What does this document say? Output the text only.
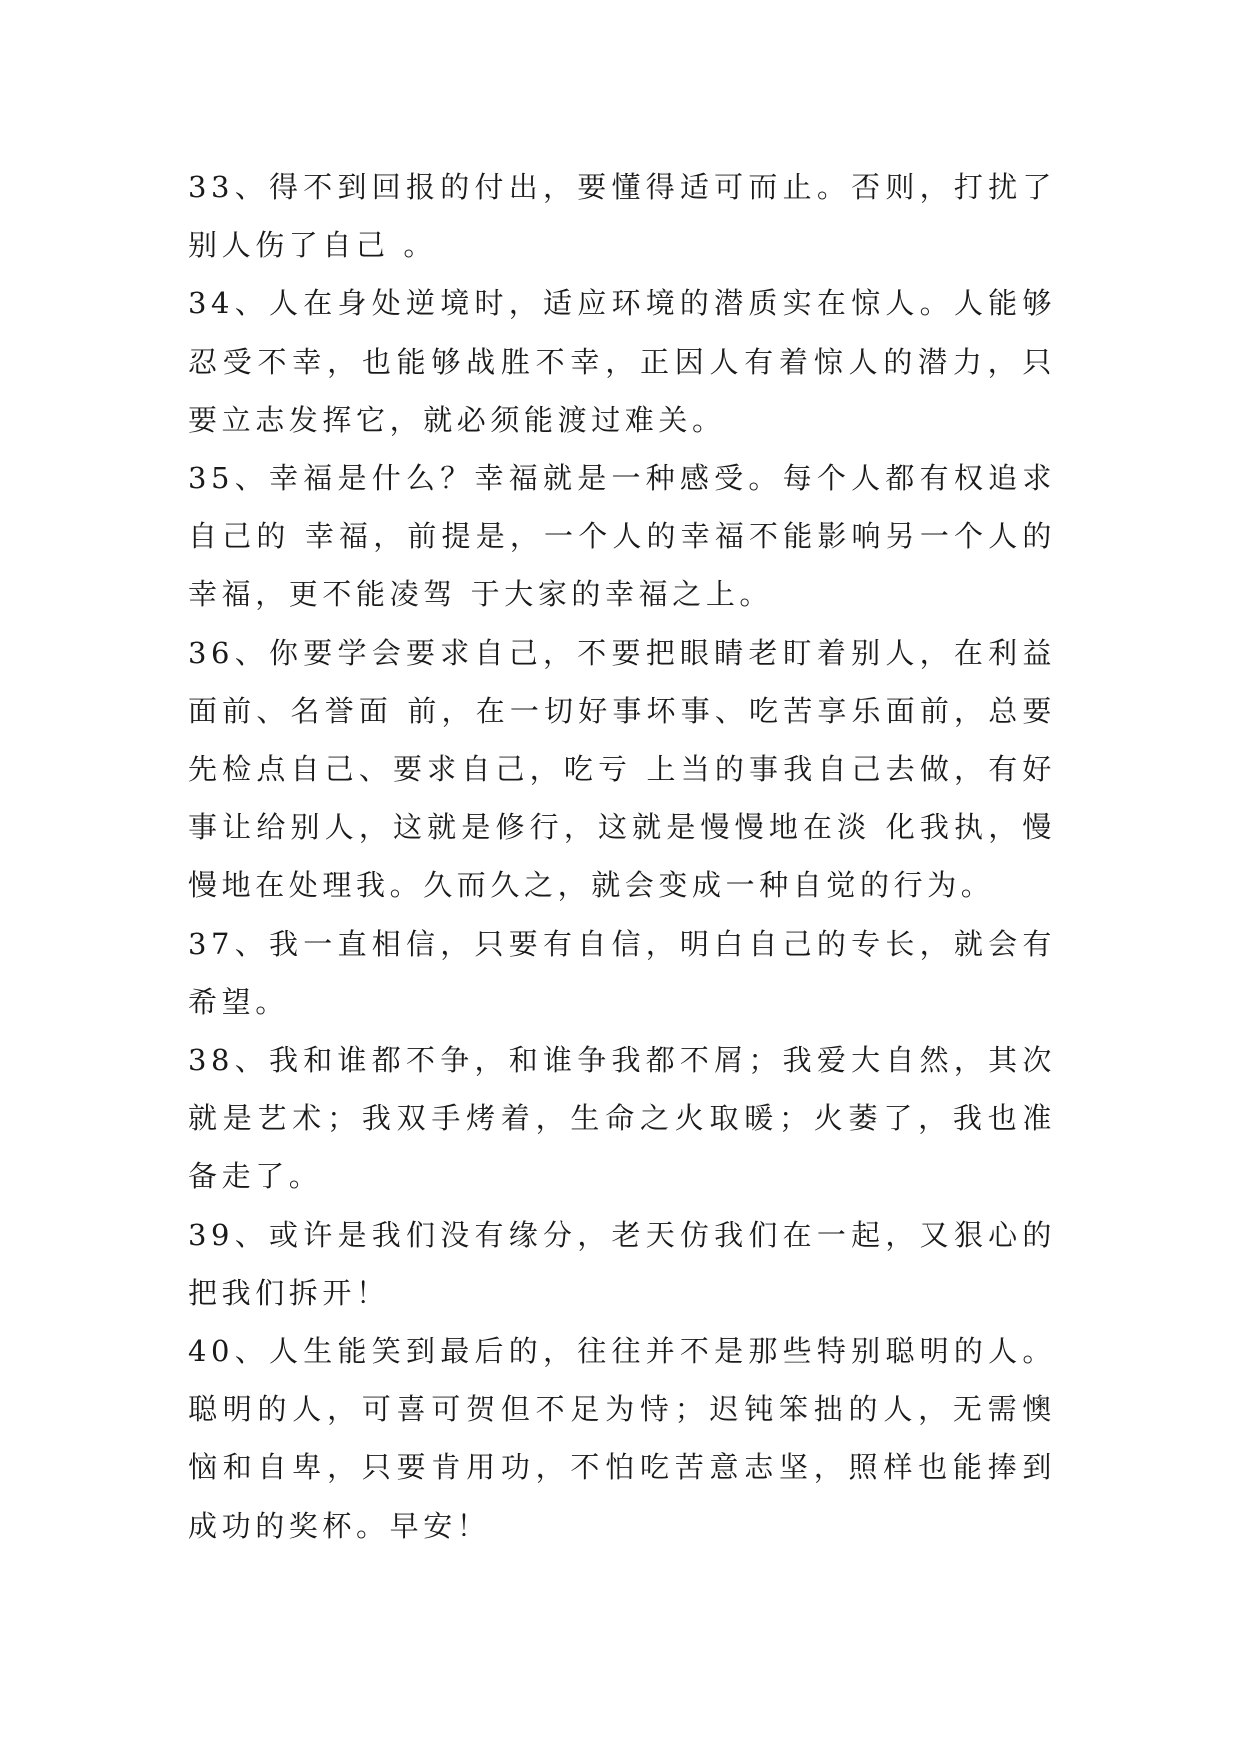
33、得不到回报的付出，要懂得适可而止。否则，打扰了别人伤了自己 。

34、人在身处逆境时，适应环境的潜质实在惊人。人能够忍受不幸，也能够战胜不幸，正因人有着惊人的潜力，只要立志发挥它，就必须能渡过难关。

35、幸福是什么？幸福就是一种感受。每个人都有权追求自己的 幸福，前提是，一个人的幸福不能影响另一个人的幸福，更不能凌驾 于大家的幸福之上。

36、你要学会要求自己，不要把眼睛老盯着别人，在利益面前、名誉面 前，在一切好事坏事、吃苦享乐面前，总要先检点自己、要求自己，吃亏 上当的事我自己去做，有好事让给别人，这就是修行，这就是慢慢地在淡 化我执，慢慢地在处理我。久而久之，就会变成一种自觉的行为。

37、我一直相信，只要有自信，明白自己的专长，就会有希望。

38、我和谁都不争，和谁争我都不屑；我爱大自然，其次就是艺术；我双手烤着，生命之火取暖；火萎了，我也准备走了。

39、或许是我们没有缘分，老天仿我们在一起，又狠心的把我们拆开！

40、人生能笑到最后的，往往并不是那些特别聪明的人。聪明的人，可喜可贺但不足为恃；迟钝笨拙的人，无需懊恼和自卑，只要肯用功，不怕吃苦意志坚，照样也能捧到成功的奖杯。早安！
